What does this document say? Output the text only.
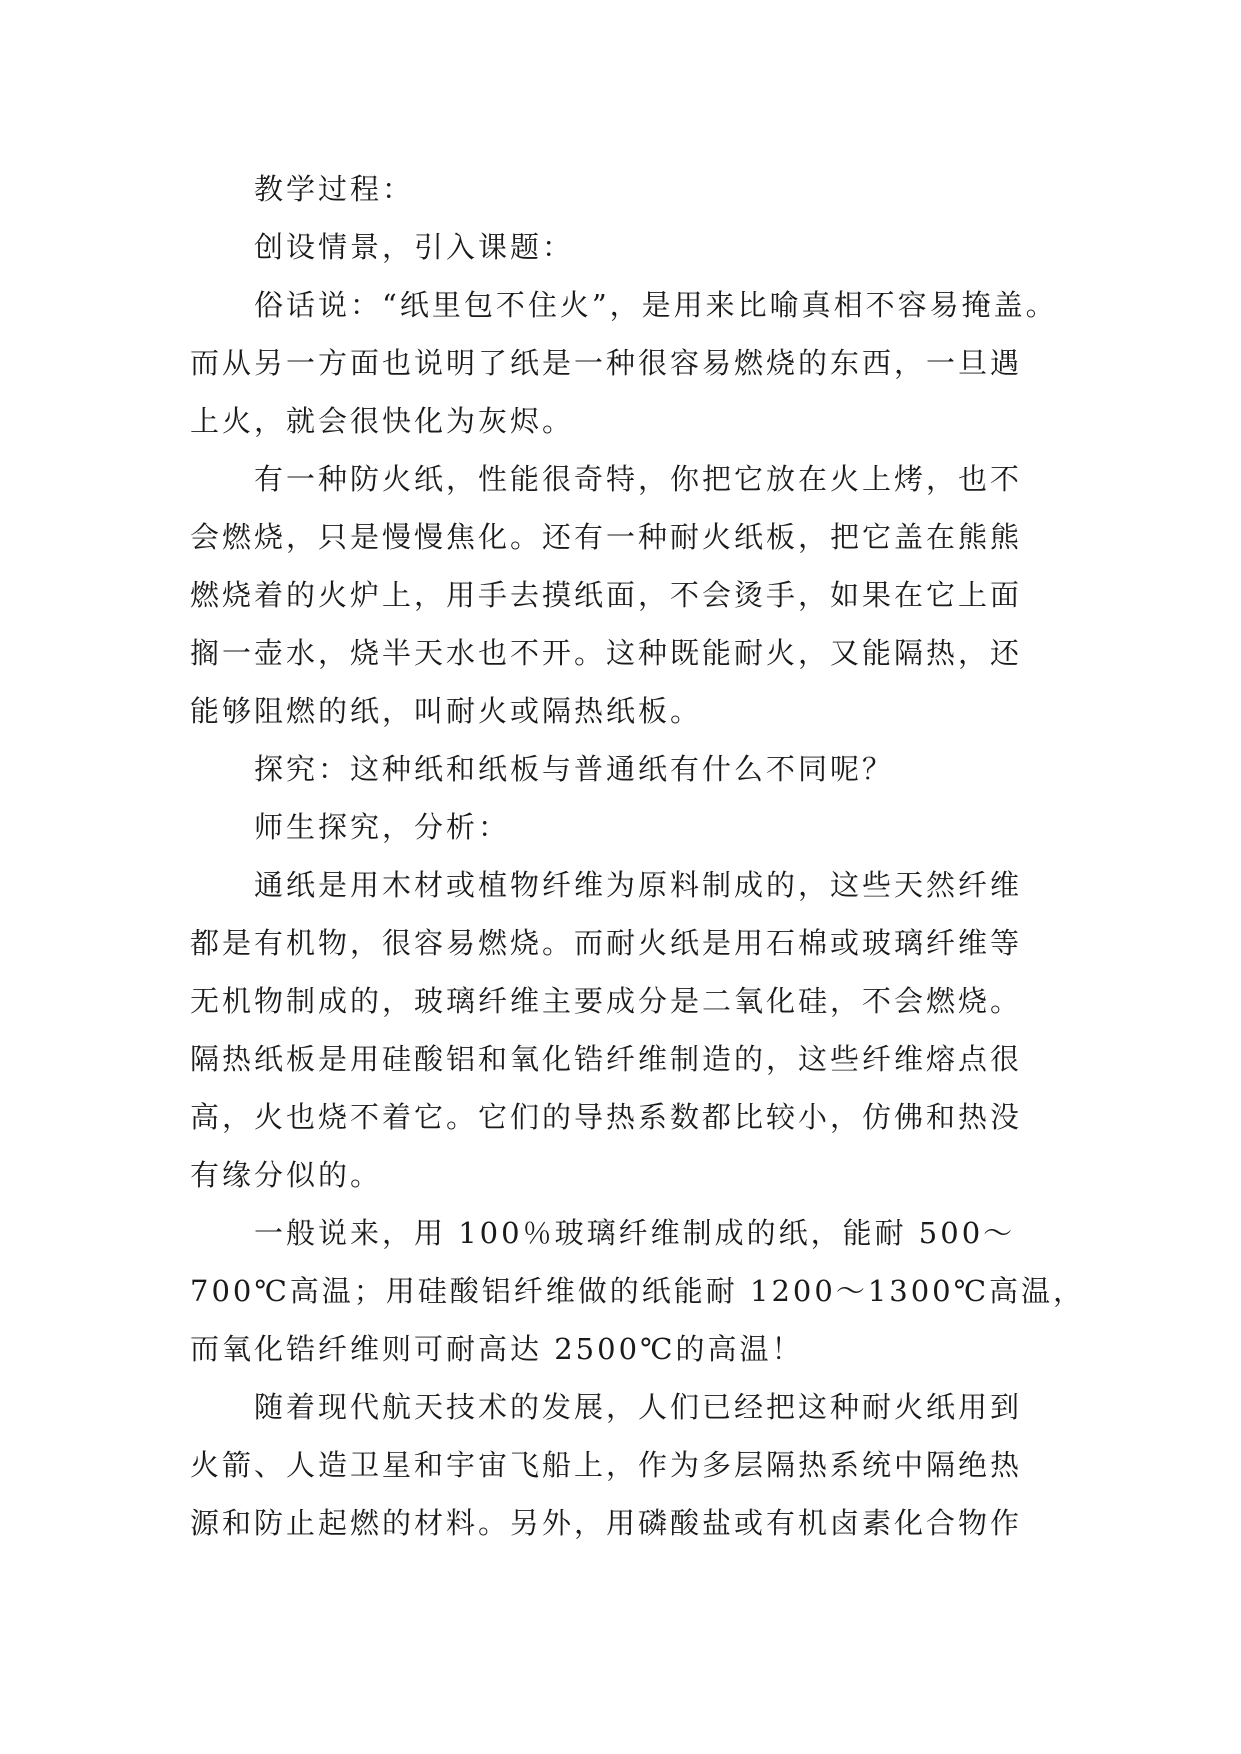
教学过程：
创设情景，引入课题：
俗话说：“纸里包不住火”，是用来比喻真相不容易掩盖。
而从另一方面也说明了纸是一种很容易燃烧的东西，一旦遇
上火，就会很快化为灰烬。
有一种防火纸，性能很奇特，你把它放在火上烤，也不
会燃烧，只是慢慢焦化。还有一种耐火纸板，把它盖在熊熊
燃烧着的火炉上，用手去摸纸面，不会烫手，如果在它上面
搁一壶水，烧半天水也不开。这种既能耐火，又能隔热，还
能够阻燃的纸，叫耐火或隔热纸板。
探究：这种纸和纸板与普通纸有什么不同呢？
师生探究，分析：
通纸是用木材或植物纤维为原料制成的，这些天然纤维
都是有机物，很容易燃烧。而耐火纸是用石棉或玻璃纤维等
无机物制成的，玻璃纤维主要成分是二氧化硅，不会燃烧。
隔热纸板是用硅酸铝和氧化锆纤维制造的，这些纤维熔点很
高，火也烧不着它。它们的导热系数都比较小，仿佛和热没
有缘分似的。
一般说来，用 100％玻璃纤维制成的纸，能耐 500～
700℃高温；用硅酸铝纤维做的纸能耐 1200～1300℃高温，
而氧化锆纤维则可耐高达 2500℃的高温！
随着现代航天技术的发展，人们已经把这种耐火纸用到
火箭、人造卫星和宇宙飞船上，作为多层隔热系统中隔绝热
源和防止起燃的材料。另外，用磷酸盐或有机卤素化合物作
